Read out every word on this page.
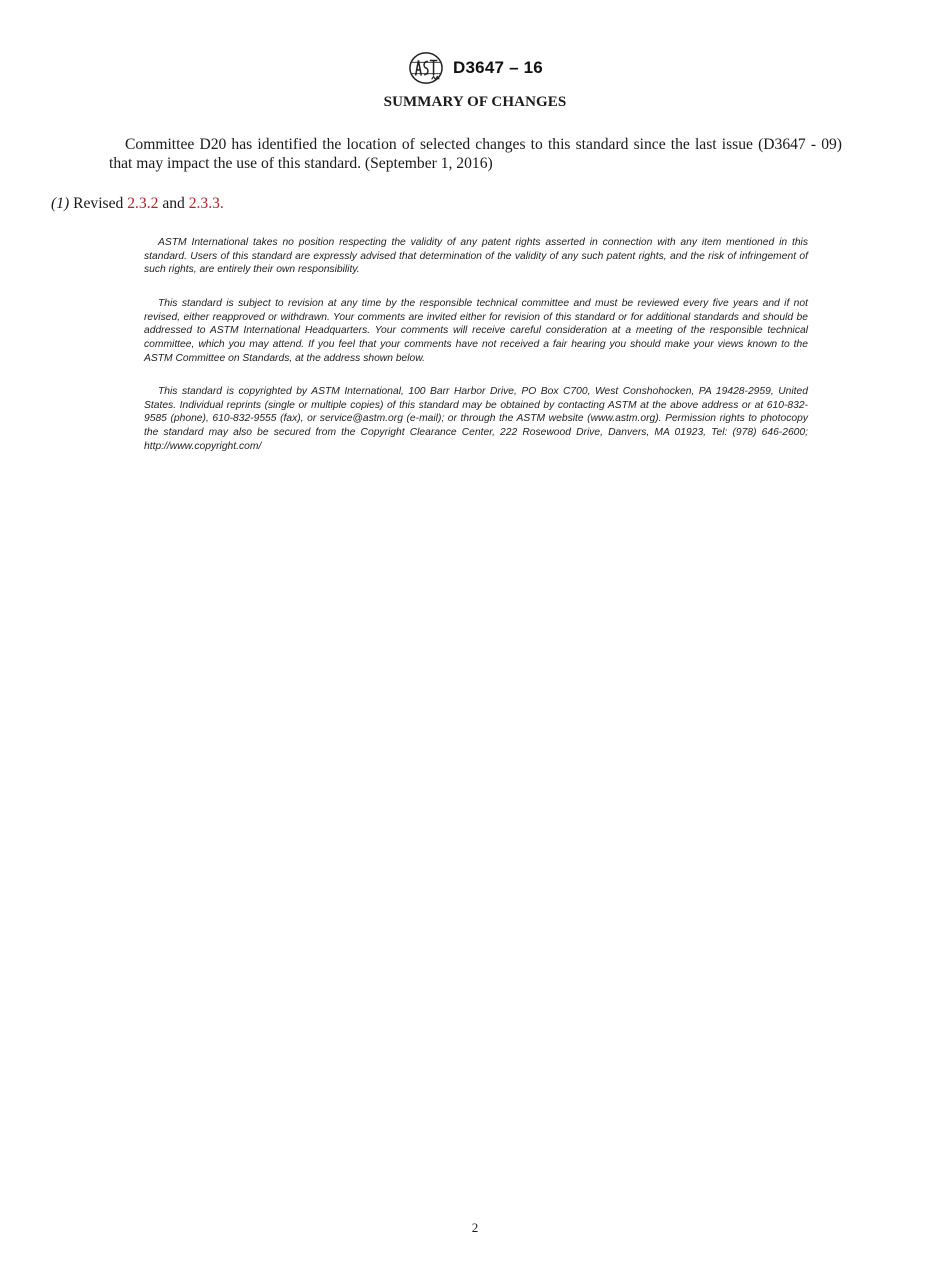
D3647 – 16
SUMMARY OF CHANGES

Committee D20 has identified the location of selected changes to this standard since the last issue (D3647 - 09) that may impact the use of this standard. (September 1, 2016)

(1) Revised 2.3.2 and 2.3.3.

ASTM International takes no position respecting the validity of any patent rights asserted in connection with any item mentioned in this standard. Users of this standard are expressly advised that determination of the validity of any such patent rights, and the risk of infringement of such rights, are entirely their own responsibility.

This standard is subject to revision at any time by the responsible technical committee and must be reviewed every five years and if not revised, either reapproved or withdrawn. Your comments are invited either for revision of this standard or for additional standards and should be addressed to ASTM International Headquarters. Your comments will receive careful consideration at a meeting of the responsible technical committee, which you may attend. If you feel that your comments have not received a fair hearing you should make your views known to the ASTM Committee on Standards, at the address shown below.

This standard is copyrighted by ASTM International, 100 Barr Harbor Drive, PO Box C700, West Conshohocken, PA 19428-2959, United States. Individual reprints (single or multiple copies) of this standard may be obtained by contacting ASTM at the above address or at 610-832-9585 (phone), 610-832-9555 (fax), or service@astm.org (e-mail); or through the ASTM website (www.astm.org). Permission rights to photocopy the standard may also be secured from the Copyright Clearance Center, 222 Rosewood Drive, Danvers, MA 01923, Tel: (978) 646-2600; http://www.copyright.com/

2
